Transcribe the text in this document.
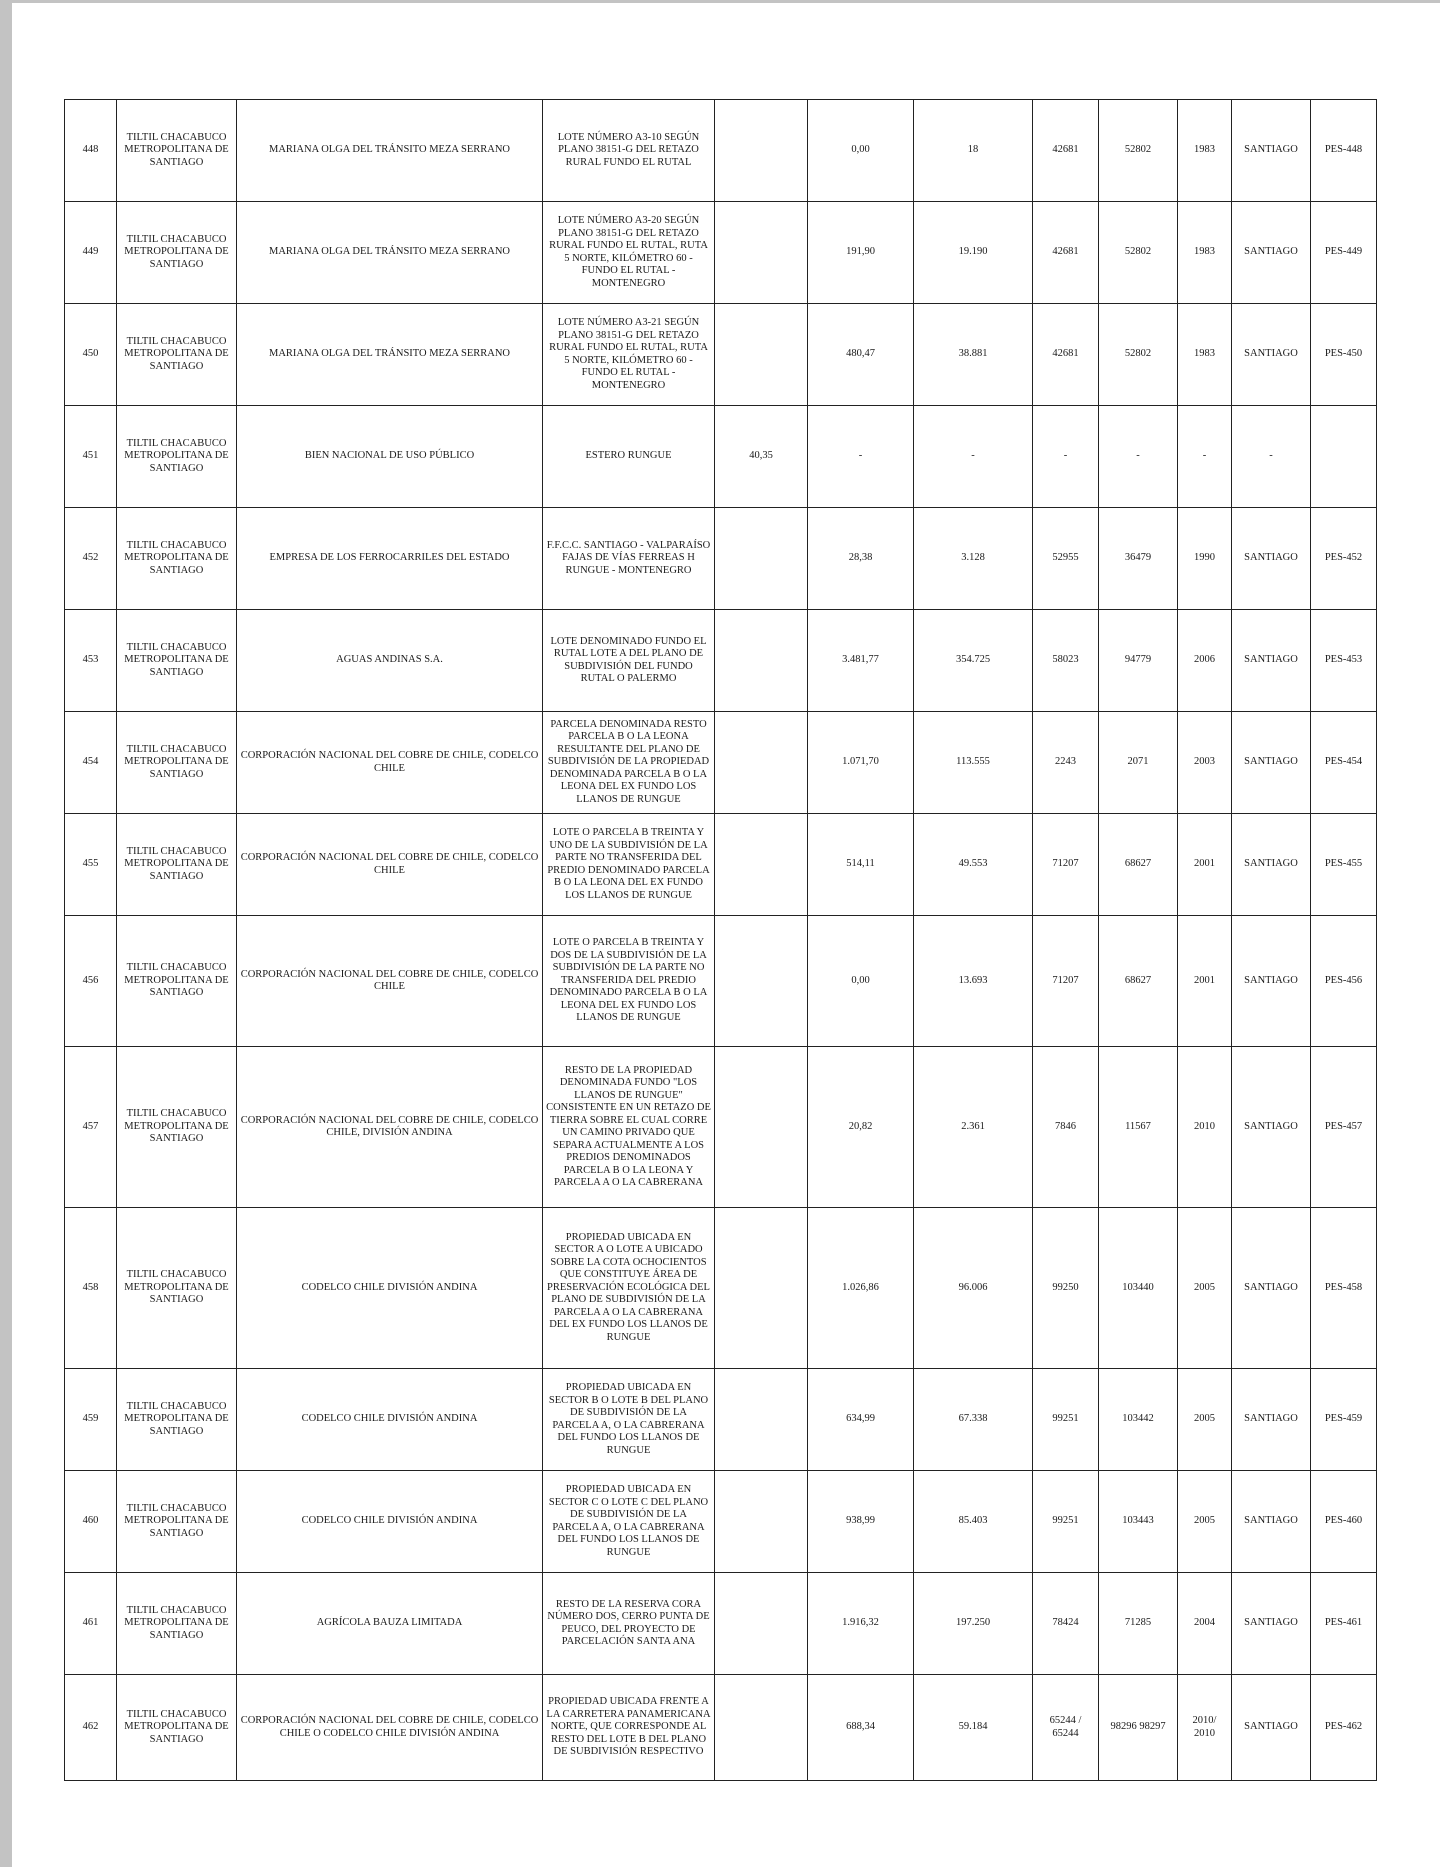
448	TILTIL CHACABUCO METROPOLITANA DE SANTIAGO	MARIANA OLGA DEL TRÁNSITO MEZA SERRANO	LOTE NÚMERO A3-10 SEGÚN PLANO 38151-G DEL RETAZO RURAL FUNDO EL RUTAL		0,00	18	42681	52802	1983	SANTIAGO	PES-448
449	TILTIL CHACABUCO METROPOLITANA DE SANTIAGO	MARIANA OLGA DEL TRÁNSITO MEZA SERRANO	LOTE NÚMERO A3-20 SEGÚN PLANO 38151-G DEL RETAZO RURAL FUNDO EL RUTAL, RUTA 5 NORTE, KILÓMETRO 60 - FUNDO EL RUTAL - MONTENEGRO		191,90	19.190	42681	52802	1983	SANTIAGO	PES-449
450	TILTIL CHACABUCO METROPOLITANA DE SANTIAGO	MARIANA OLGA DEL TRÁNSITO MEZA SERRANO	LOTE NÚMERO A3-21 SEGÚN PLANO 38151-G DEL RETAZO RURAL FUNDO EL RUTAL, RUTA 5 NORTE, KILÓMETRO 60 - FUNDO EL RUTAL - MONTENEGRO		480,47	38.881	42681	52802	1983	SANTIAGO	PES-450
451	TILTIL CHACABUCO METROPOLITANA DE SANTIAGO	BIEN NACIONAL DE USO PÚBLICO	ESTERO RUNGUE	40,35	-	-	-	-	-	-	
452	TILTIL CHACABUCO METROPOLITANA DE SANTIAGO	EMPRESA DE LOS FERROCARRILES DEL ESTADO	F.F.C.C. SANTIAGO - VALPARAÍSO FAJAS DE VÍAS FERREAS H RUNGUE - MONTENEGRO		28,38	3.128	52955	36479	1990	SANTIAGO	PES-452
453	TILTIL CHACABUCO METROPOLITANA DE SANTIAGO	AGUAS ANDINAS S.A.	LOTE DENOMINADO FUNDO EL RUTAL LOTE A DEL PLANO DE SUBDIVISIÓN DEL FUNDO RUTAL O PALERMO		3.481,77	354.725	58023	94779	2006	SANTIAGO	PES-453
454	TILTIL CHACABUCO METROPOLITANA DE SANTIAGO	CORPORACIÓN NACIONAL DEL COBRE DE CHILE, CODELCO CHILE	PARCELA DENOMINADA RESTO PARCELA B O LA LEONA RESULTANTE DEL PLANO DE SUBDIVISIÓN DE LA PROPIEDAD DENOMINADA PARCELA B O LA LEONA DEL EX FUNDO LOS LLANOS DE RUNGUE		1.071,70	113.555	2243	2071	2003	SANTIAGO	PES-454
455	TILTIL CHACABUCO METROPOLITANA DE SANTIAGO	CORPORACIÓN NACIONAL DEL COBRE DE CHILE, CODELCO CHILE	LOTE O PARCELA B TREINTA Y UNO DE LA SUBDIVISIÓN DE LA PARTE NO TRANSFERIDA DEL PREDIO DENOMINADO PARCELA B O LA LEONA DEL EX FUNDO LOS LLANOS DE RUNGUE		514,11	49.553	71207	68627	2001	SANTIAGO	PES-455
456	TILTIL CHACABUCO METROPOLITANA DE SANTIAGO	CORPORACIÓN NACIONAL DEL COBRE DE CHILE, CODELCO CHILE	LOTE O PARCELA B TREINTA Y DOS DE LA SUBDIVISIÓN DE LA SUBDIVISIÓN DE LA PARTE NO TRANSFERIDA DEL PREDIO DENOMINADO PARCELA B O LA LEONA DEL EX FUNDO LOS LLANOS DE RUNGUE		0,00	13.693	71207	68627	2001	SANTIAGO	PES-456
457	TILTIL CHACABUCO METROPOLITANA DE SANTIAGO	CORPORACIÓN NACIONAL DEL COBRE DE CHILE, CODELCO CHILE, DIVISIÓN ANDINA	RESTO DE LA PROPIEDAD DENOMINADA FUNDO "LOS LLANOS DE RUNGUE" CONSISTENTE EN UN RETAZO DE TIERRA SOBRE EL CUAL CORRE UN CAMINO PRIVADO QUE SEPARA ACTUALMENTE A LOS PREDIOS DENOMINADOS PARCELA B O LA LEONA Y PARCELA A O LA CABRERANA		20,82	2.361	7846	11567	2010	SANTIAGO	PES-457
458	TILTIL CHACABUCO METROPOLITANA DE SANTIAGO	CODELCO CHILE DIVISIÓN ANDINA	PROPIEDAD UBICADA EN SECTOR A O LOTE A UBICADO SOBRE LA COTA OCHOCIENTOS QUE CONSTITUYE ÁREA DE PRESERVACIÓN ECOLÓGICA DEL PLANO DE SUBDIVISIÓN DE LA PARCELA A O LA CABRERANA DEL EX FUNDO LOS LLANOS DE RUNGUE		1.026,86	96.006	99250	103440	2005	SANTIAGO	PES-458
459	TILTIL CHACABUCO METROPOLITANA DE SANTIAGO	CODELCO CHILE DIVISIÓN ANDINA	PROPIEDAD UBICADA EN SECTOR B O LOTE B DEL PLANO DE SUBDIVISIÓN DE LA PARCELA A, O LA CABRERANA DEL FUNDO LOS LLANOS DE RUNGUE		634,99	67.338	99251	103442	2005	SANTIAGO	PES-459
460	TILTIL CHACABUCO METROPOLITANA DE SANTIAGO	CODELCO CHILE DIVISIÓN ANDINA	PROPIEDAD UBICADA EN SECTOR C O LOTE C DEL PLANO DE SUBDIVISIÓN DE LA PARCELA A, O LA CABRERANA DEL FUNDO LOS LLANOS DE RUNGUE		938,99	85.403	99251	103443	2005	SANTIAGO	PES-460
461	TILTIL CHACABUCO METROPOLITANA DE SANTIAGO	AGRÍCOLA BAUZA LIMITADA	RESTO DE LA RESERVA CORA NÚMERO DOS, CERRO PUNTA DE PEUCO, DEL PROYECTO DE PARCELACIÓN SANTA ANA		1.916,32	197.250	78424	71285	2004	SANTIAGO	PES-461
462	TILTIL CHACABUCO METROPOLITANA DE SANTIAGO	CORPORACIÓN NACIONAL DEL COBRE DE CHILE, CODELCO CHILE O CODELCO CHILE DIVISIÓN ANDINA	PROPIEDAD UBICADA FRENTE A LA CARRETERA PANAMERICANA NORTE, QUE CORRESPONDE AL RESTO DEL LOTE B DEL PLANO DE SUBDIVISIÓN RESPECTIVO		688,34	59.184	65244 / 65244	98296 98297	2010/ 2010	SANTIAGO	PES-462
